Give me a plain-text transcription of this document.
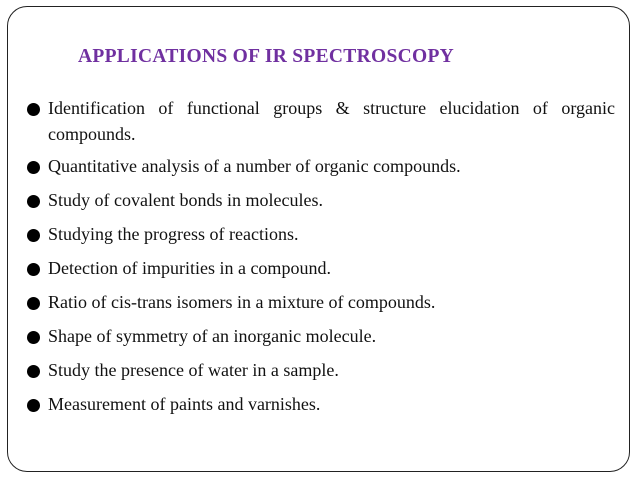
APPLICATIONS OF IR SPECTROSCOPY
Identification of functional groups & structure elucidation of organic compounds.
Quantitative analysis of a number of organic compounds.
Study of covalent bonds in molecules.
Studying the progress of reactions.
Detection of impurities in a compound.
Ratio of cis-trans isomers in a mixture of compounds.
Shape of symmetry of an inorganic molecule.
Study the presence of water in a sample.
Measurement of paints and varnishes.
